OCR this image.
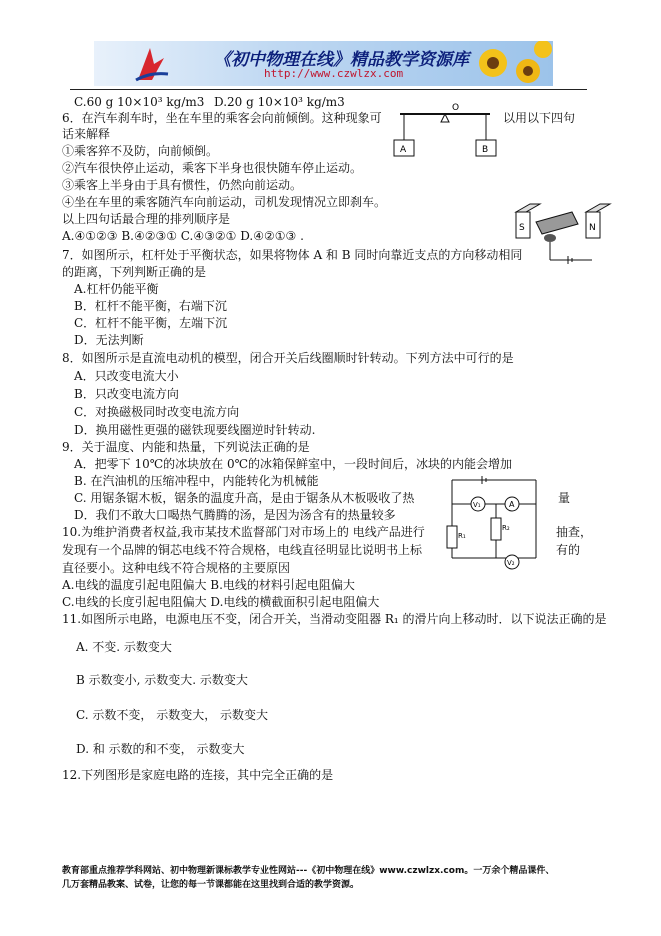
《初中物理在线》精品教学资源库
http://www.czwlzx.com
C.60 g 10×10³ kg/m3 D.20 g 10×10³ kg/m3
6．在汽车刹车时，坐在车里的乘客会向前倾倒。这种现象可	以用以下四句
话来解释
①乘客猝不及防，向前倾倒。
②汽车很快停止运动，乘客下半身也很快随车停止运动。
③乘客上半身由于具有惯性，仍然向前运动。
④坐在车里的乘客随汽车向前运动，司机发现情况立即刹车。
以上四句话最合理的排列顺序是
A.④①②③ B.④②③① C.④③②① D.④②①③ .
O
A	B
S	N
7．如图所示，杠杆处于平衡状态，如果将物体 A 和 B 同时向靠近支点的方向移动相同
的距离，下列判断正确的是
A.杠杆仍能平衡
B．杠杆不能平衡，右端下沉
C．杠杆不能平衡，左端下沉
D．无法判断
8．如图所示是直流电动机的模型，闭合开关后线圈顺时针转动。下列方法中可行的是
A．只改变电流大小
B．只改变电流方向
C．对换磁极同时改变电流方向
D．换用磁性更强的磁铁现要线圈逆时针转动.
9．关于温度、内能和热量，下列说法正确的是
A．把零下 10℃的冰块放在 0℃的冰箱保鲜室中，一段时间后，冰块的内能会增加
B. 在汽油机的压缩冲程中，内能转化为机械能
C. 用锯条锯木板，锯条的温度升高，是由于锯条从木板吸收了热	量
D．我们不敢大口喝热气腾腾的汤，是因为汤含有的热量较多
V₁	A
R₁
R₂
V₂
10.为维护消费者权益,我市某技术监督部门对市场上的 电线产品进行	抽查，
发现有一个品牌的铜芯电线不符合规格，电线直径明显比说明书上标	有的
直径要小。这种电线不符合规格的主要原因
A.电线的温度引起电阻偏大 B.电线的材料引起电阻偏大
C.电线的长度引起电阻偏大 D.电线的横截面积引起电阻偏大
11.如图所示电路，电源电压不变，闭合开关，当滑动变阻器 R₁ 的滑片向上移动时．以下说法正确的是
A. 不变. 示数变大
B 示数变小, 示数变大. 示数变大
C. 示数不变， 示数变大， 示数变大
D. 和 示数的和不变， 示数变大
12.下列图形是家庭电路的连接，其中完全正确的是
教育部重点推荐学科网站、初中物理新课标教学专业性网站---《初中物理在线》www.czwlzx.com。一万余个精品课件、
几万套精品教案、试卷，让您的每一节课都能在这里找到合适的教学资源。
